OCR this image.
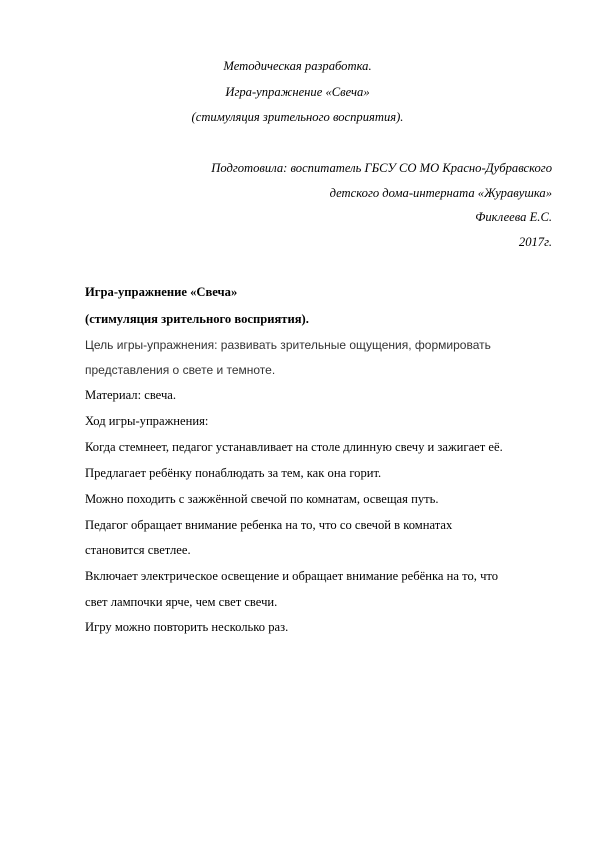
Методическая разработка.
Игра-упражнение «Свеча»
(стимуляция зрительного восприятия).
Подготовила: воспитатель ГБСУ СО МО Красно-Дубравского
детского дома-интерната «Журавушка»
Фиклеева Е.С.
2017г.
Игра-упражнение «Свеча»
(стимуляция зрительного восприятия).
Цель игры-упражнения: развивать зрительные ощущения, формировать
представления о свете и темноте.
Материал: свеча.
Ход игры-упражнения:
Когда стемнеет, педагог устанавливает на столе длинную свечу и зажигает её.
Предлагает ребёнку понаблюдать за тем, как она горит.
Можно походить с зажжённой свечой по комнатам, освещая путь.
Педагог обращает внимание ребенка на то, что со свечой в комнатах
становится светлее.
Включает электрическое освещение и обращает внимание ребёнка на то, что
свет лампочки ярче, чем свет свечи.
Игру можно повторить несколько раз.
